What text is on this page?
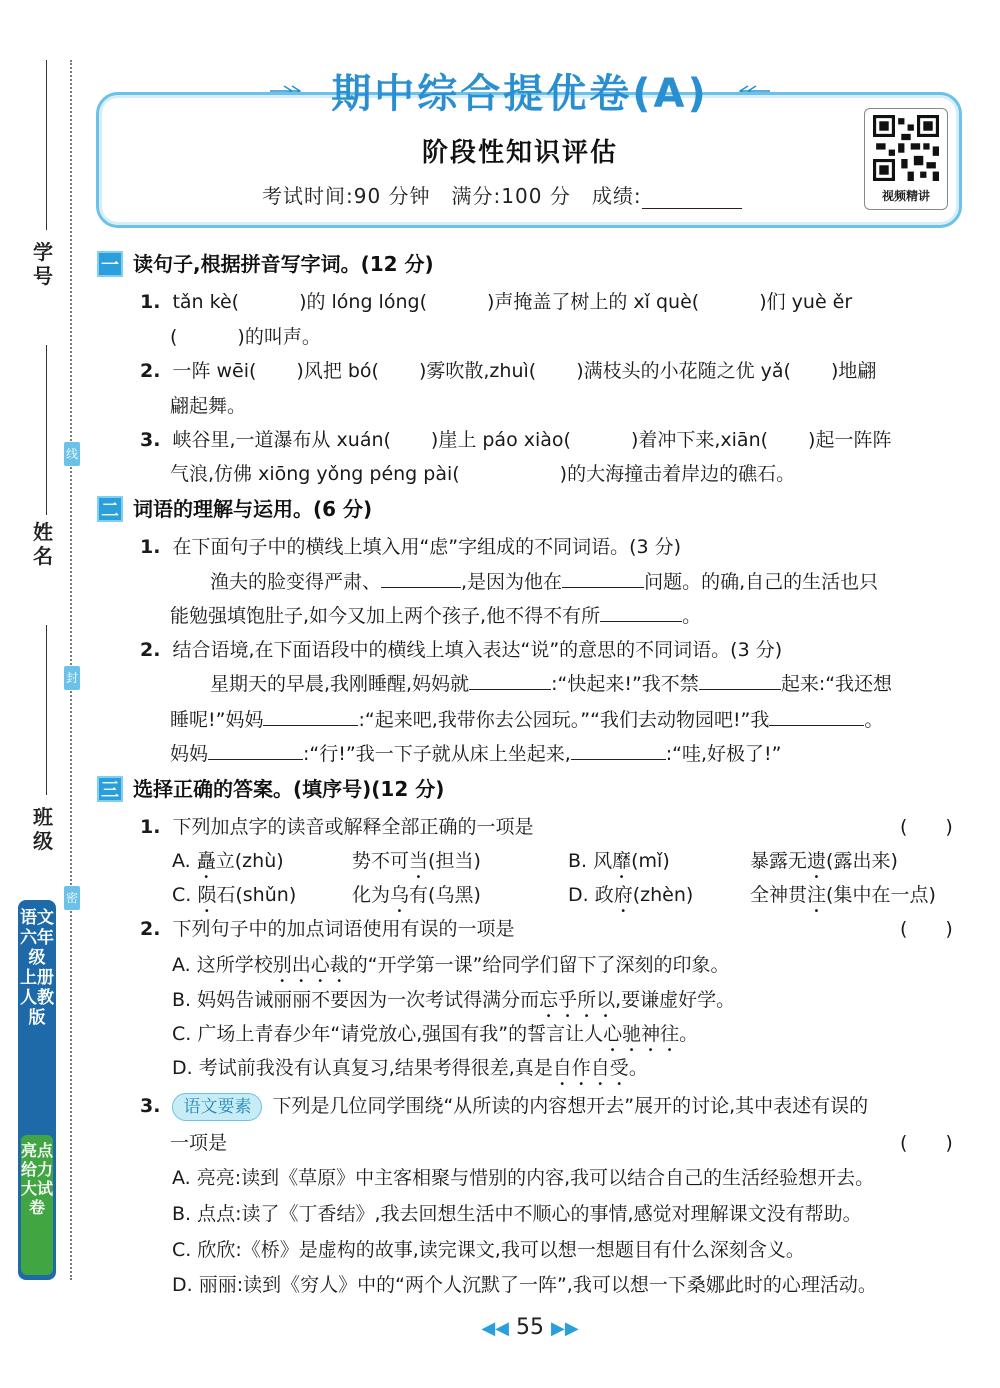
学号
姓名
班级
线
封
密
语文六年级 上册 人教版
亮点给力大试卷
期中综合提优卷(A)
阶段性知识评估
考试时间:90 分钟　满分:100 分　成绩:	视频精讲
一 读句子,根据拼音写字词。(12 分)
1. tǎn kè(	)的 lóng lóng(	)声掩盖了树上的 xǐ què(	)们 yuè ěr
(	)的叫声。
2. 一阵 wēi( )风把 bó( )雾吹散,zhuì( )满枝头的小花随之优 yǎ( )地翩
翩起舞。
3. 峡谷里,一道瀑布从 xuán( )崖上 páo xiào(	)着冲下来,xiān( )起一阵阵
气浪,仿佛 xiōng yǒng péng pài(	)的大海撞击着岸边的礁石。
二 词语的理解与运用。(6 分)
1. 在下面句子中的横线上填入用“虑”字组成的不同词语。(3 分)
渔夫的脸变得严肃、	,是因为他在	问题。的确,自己的生活也只
能勉强填饱肚子,如今又加上两个孩子,他不得不有所	。
2. 结合语境,在下面语段中的横线上填入表达“说”的意思的不同词语。(3 分)
星期天的早晨,我刚睡醒,妈妈就	:“快起来!”我不禁	起来:“我还想
睡呢!”妈妈	:“起来吧,我带你去公园玩。”“我们去动物园吧!”我	。
妈妈	:“行!”我一下子就从床上坐起来,	:“哇,好极了!”
三 选择正确的答案。(填序号)(12 分)
1. 下列加点字的读音或解释全部正确的一项是	(　　)
A. 矗立(zhù)	势不可当(担当)	B. 风靡(mǐ)	暴露无遗(露出来)
C. 陨石(shǔn)	化为乌有(乌黑)	D. 政府(zhèn)	全神贯注(集中在一点)
2. 下列句子中的加点词语使用有误的一项是	(　　)
A. 这所学校别出心裁的“开学第一课”给同学们留下了深刻的印象。
B. 妈妈告诫丽丽不要因为一次考试得满分而忘乎所以,要谦虚好学。
C. 广场上青春少年“请党放心,强国有我”的誓言让人心驰神往。
D. 考试前我没有认真复习,结果考得很差,真是自作自受。
3. 语文要素 下列是几位同学围绕“从所读的内容想开去”展开的讨论,其中表述有误的
一项是	(　　)
A. 亮亮:读到《草原》中主客相聚与惜别的内容,我可以结合自己的生活经验想开去。
B. 点点:读了《丁香结》,我去回想生活中不顺心的事情,感觉对理解课文没有帮助。
C. 欣欣:《桥》是虚构的故事,读完课文,我可以想一想题目有什么深刻含义。
D. 丽丽:读到《穷人》中的“两个人沉默了一阵”,我可以想一下桑娜此时的心理活动。
◀◀ 55 ▶▶
